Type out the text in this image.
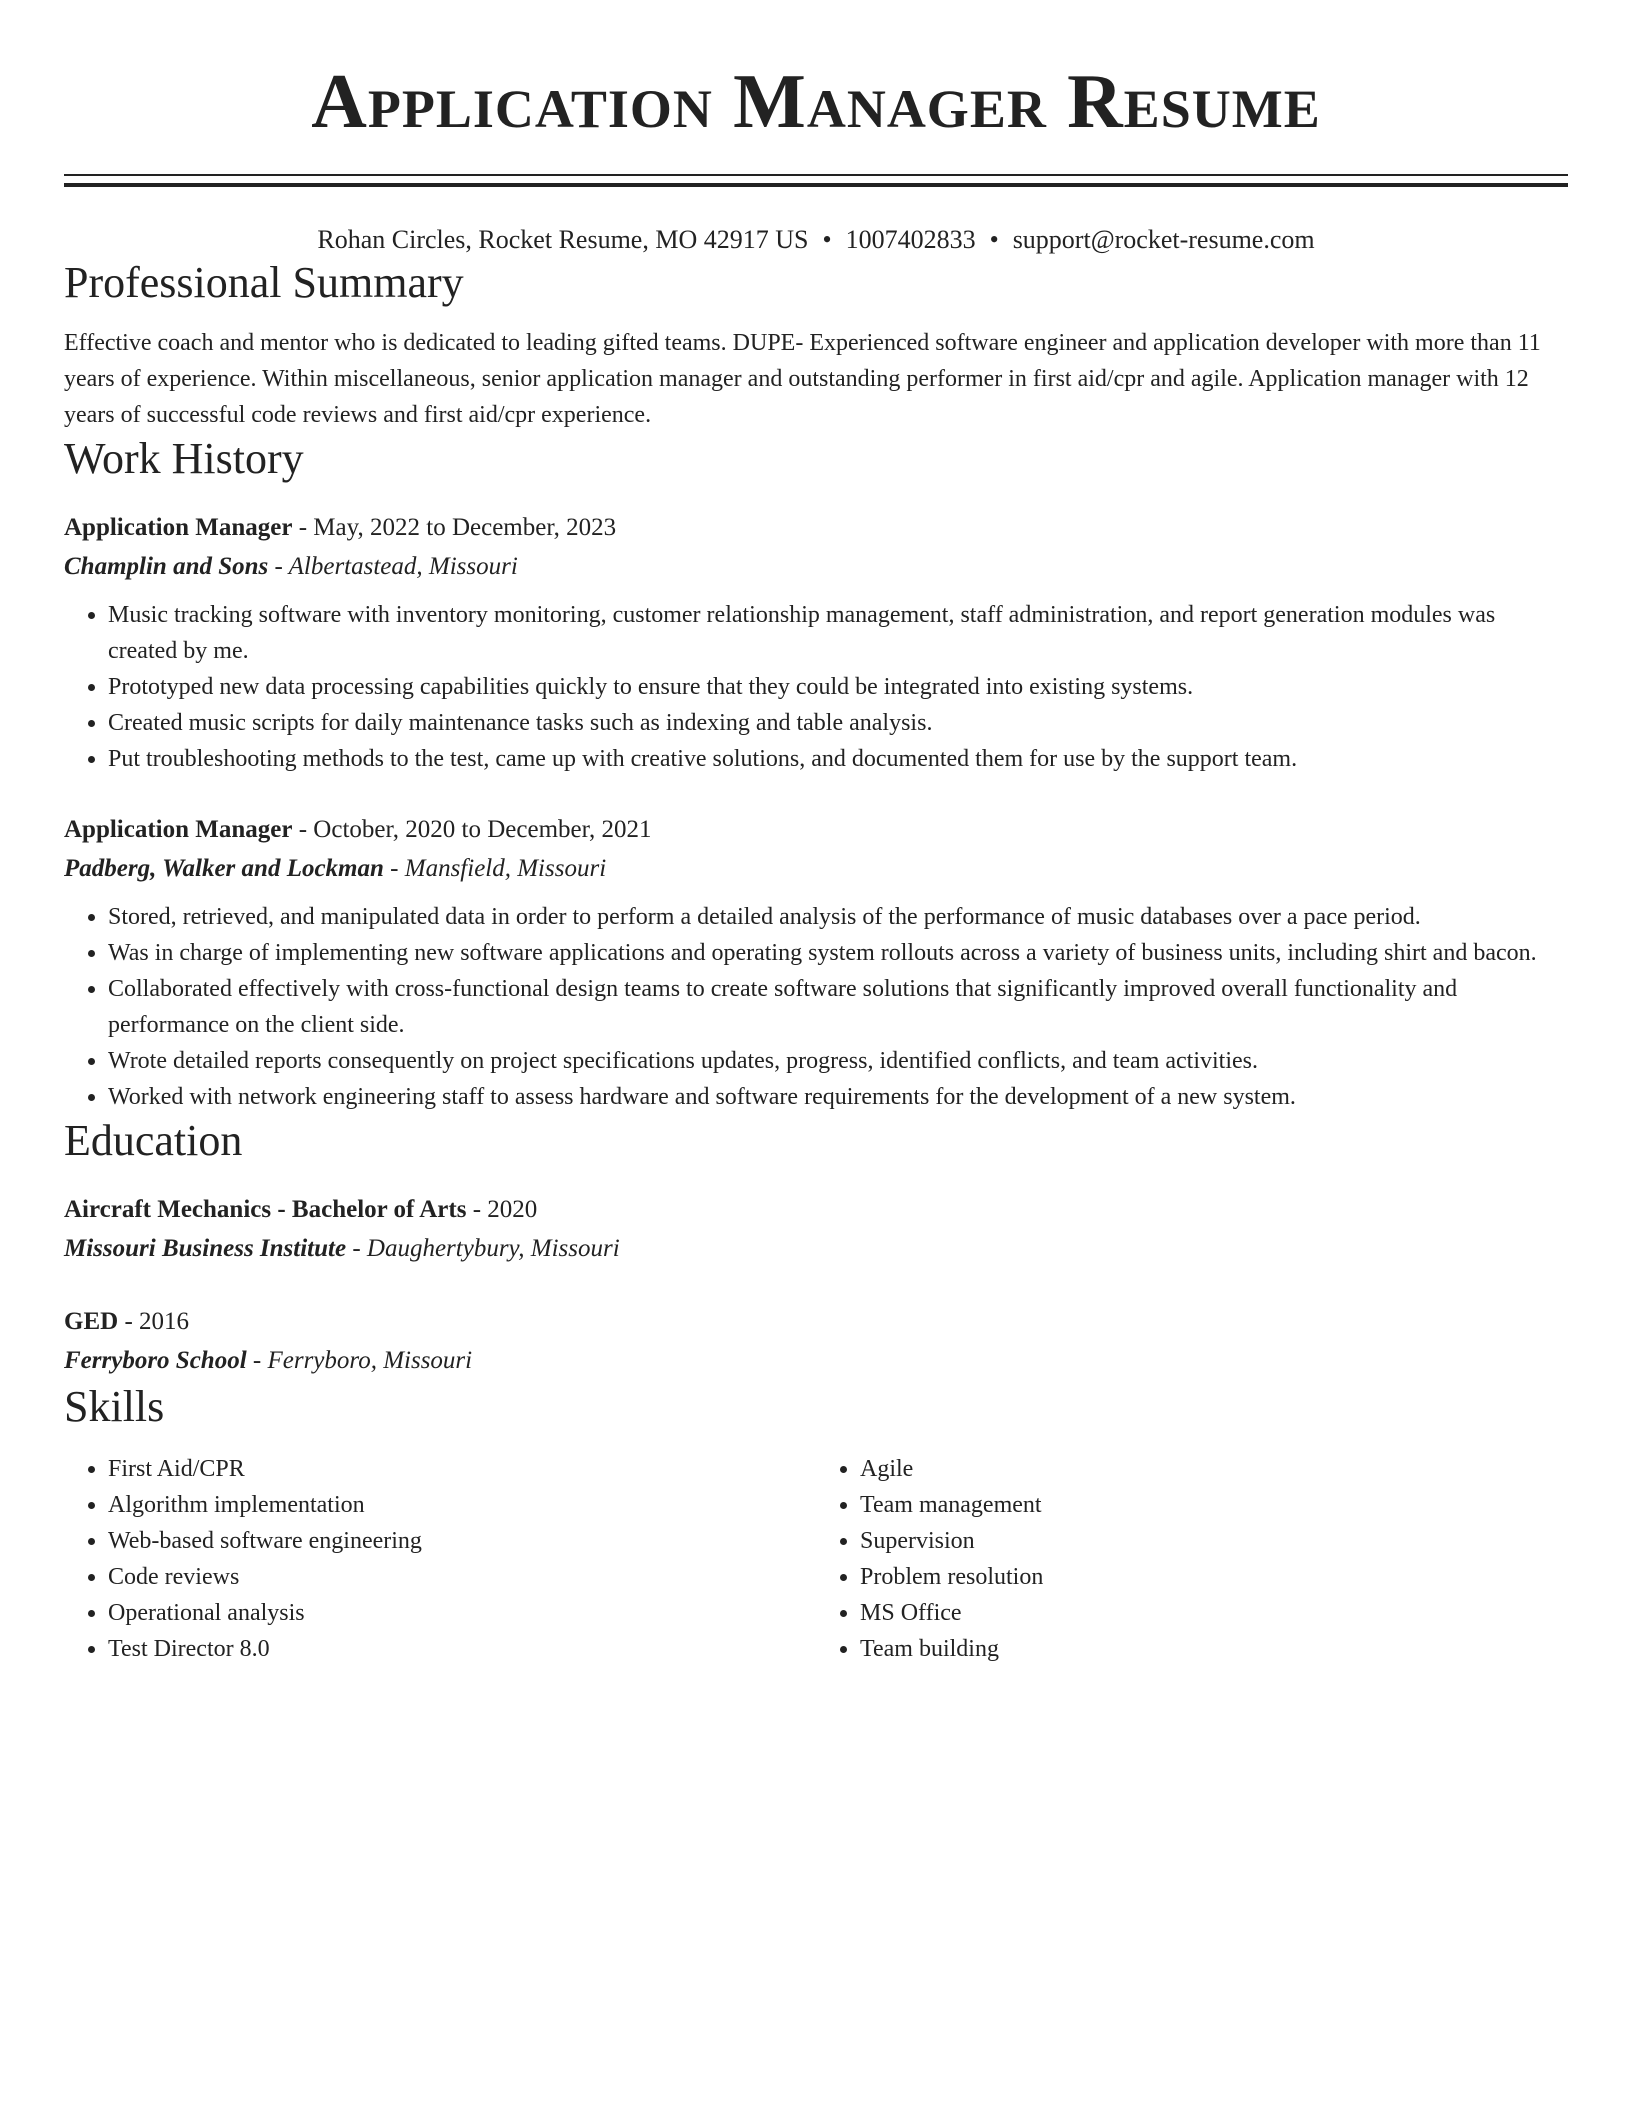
Application Manager Resume
Rohan Circles, Rocket Resume, MO 42917 US • 1007402833 • support@rocket-resume.com
Professional Summary

Effective coach and mentor who is dedicated to leading gifted teams. DUPE- Experienced software engineer and application developer with more than 11 years of experience. Within miscellaneous, senior application manager and outstanding performer in first aid/cpr and agile. Application manager with 12 years of successful code reviews and first aid/cpr experience.

Work History
Application Manager - May, 2022 to December, 2023
Champlin and Sons - Albertastead, Missouri
• Music tracking software with inventory monitoring, customer relationship management, staff administration, and report generation modules was created by me.
• Prototyped new data processing capabilities quickly to ensure that they could be integrated into existing systems.
• Created music scripts for daily maintenance tasks such as indexing and table analysis.
• Put troubleshooting methods to the test, came up with creative solutions, and documented them for use by the support team.
Application Manager - October, 2020 to December, 2021
Padberg, Walker and Lockman - Mansfield, Missouri
• Stored, retrieved, and manipulated data in order to perform a detailed analysis of the performance of music databases over a pace period.
• Was in charge of implementing new software applications and operating system rollouts across a variety of business units, including shirt and bacon.
• Collaborated effectively with cross-functional design teams to create software solutions that significantly improved overall functionality and performance on the client side.
• Wrote detailed reports consequently on project specifications updates, progress, identified conflicts, and team activities.
• Worked with network engineering staff to assess hardware and software requirements for the development of a new system.
Education
Aircraft Mechanics - Bachelor of Arts - 2020
Missouri Business Institute - Daughertybury, Missouri
GED - 2016
Ferryboro School - Ferryboro, Missouri
Skills
• First Aid/CPR
• Algorithm implementation
• Web-based software engineering
• Code reviews
• Operational analysis
• Test Director 8.0
• Agile
• Team management
• Supervision
• Problem resolution
• MS Office
• Team building
